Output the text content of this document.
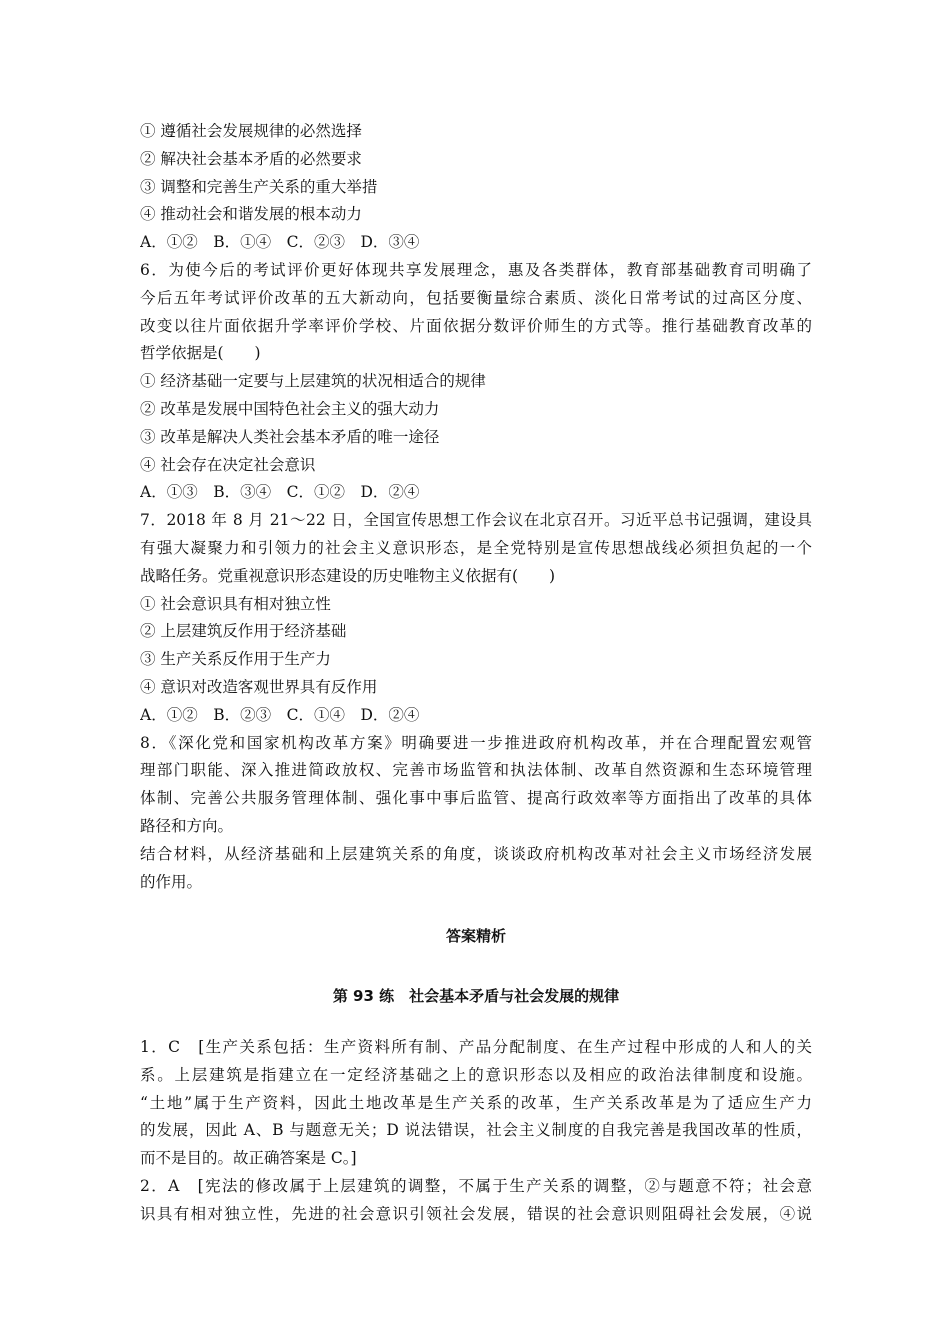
① 遵循社会发展规律的必然选择
② 解决社会基本矛盾的必然要求
③ 调整和完善生产关系的重大举措
④ 推动社会和谐发展的根本动力
A．①②　B．①④　C．②③　D．③④
6．为使今后的考试评价更好体现共享发展理念，惠及各类群体，教育部基础教育司明确了
今后五年考试评价改革的五大新动向，包括要衡量综合素质、淡化日常考试的过高区分度、
改变以往片面依据升学率评价学校、片面依据分数评价师生的方式等。推行基础教育改革的
哲学依据是(　　)
① 经济基础一定要与上层建筑的状况相适合的规律
② 改革是发展中国特色社会主义的强大动力
③ 改革是解决人类社会基本矛盾的唯一途径
④ 社会存在决定社会意识
A．①③　B．③④　C．①②　D．②④
7．2018 年 8 月 21～22 日，全国宣传思想工作会议在北京召开。习近平总书记强调，建设具
有强大凝聚力和引领力的社会主义意识形态，是全党特别是宣传思想战线必须担负起的一个
战略任务。党重视意识形态建设的历史唯物主义依据有(　　)
① 社会意识具有相对独立性
② 上层建筑反作用于经济基础
③ 生产关系反作用于生产力
④ 意识对改造客观世界具有反作用
A．①②　B．②③　C．①④　D．②④
8．《深化党和国家机构改革方案》明确要进一步推进政府机构改革，并在合理配置宏观管
理部门职能、深入推进简政放权、完善市场监管和执法体制、改革自然资源和生态环境管理
体制、完善公共服务管理体制、强化事中事后监管、提高行政效率等方面指出了改革的具体
路径和方向。
结合材料，从经济基础和上层建筑关系的角度，谈谈政府机构改革对社会主义市场经济发展
的作用。
答案精析
第 93 练　社会基本矛盾与社会发展的规律
1．C　[生产关系包括：生产资料所有制、产品分配制度、在生产过程中形成的人和人的关
系。上层建筑是指建立在一定经济基础之上的意识形态以及相应的政治法律制度和设施。
“土地”属于生产资料，因此土地改革是生产关系的改革，生产关系改革是为了适应生产力
的发展，因此 A、B 与题意无关；D 说法错误，社会主义制度的自我完善是我国改革的性质，
而不是目的。故正确答案是 C。]
2．A　[宪法的修改属于上层建筑的调整，不属于生产关系的调整，②与题意不符；社会意
识具有相对独立性，先进的社会意识引领社会发展，错误的社会意识则阻碍社会发展，④说
